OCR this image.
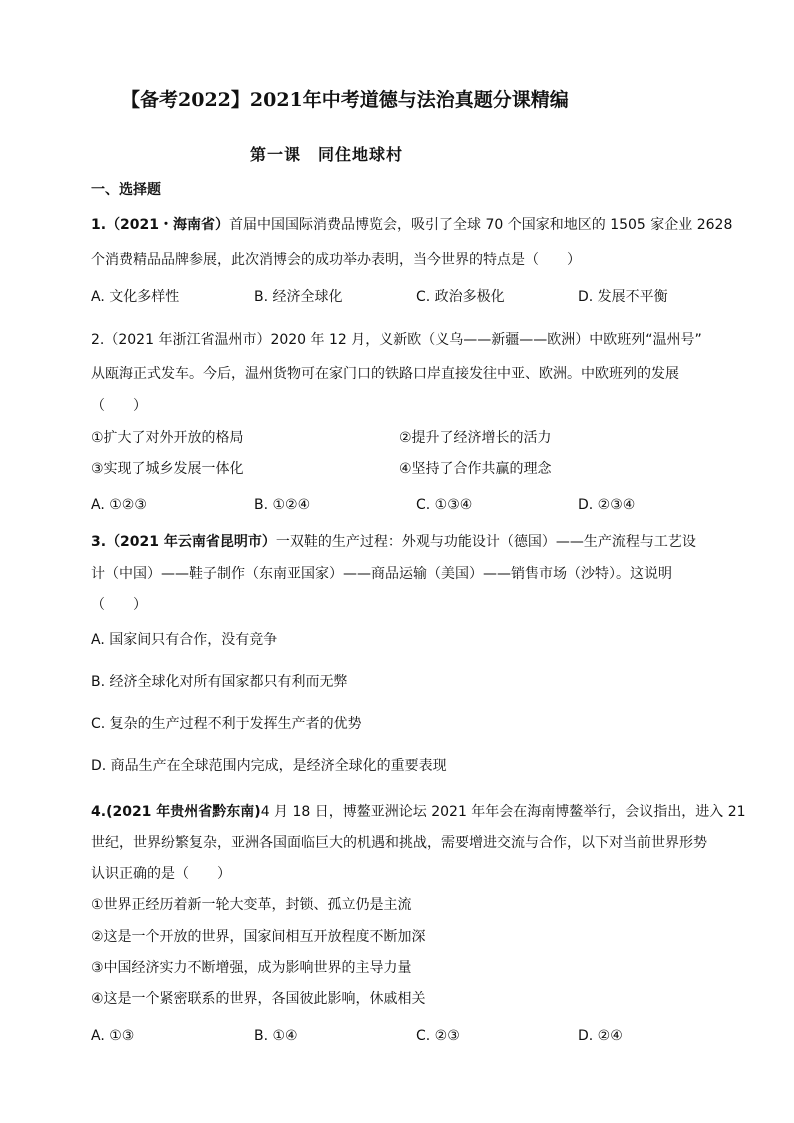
【备考2022】2021年中考道德与法治真题分课精编
第一课　同住地球村
一、选择题
1.（2021・海南省）首届中国国际消费品博览会，吸引了全球 70 个国家和地区的 1505 家企业 2628
个消费精品品牌参展，此次消博会的成功举办表明，当今世界的特点是（　　）
A. 文化多样性	B. 经济全球化	C. 政治多极化	D. 发展不平衡
2.（2021 年浙江省温州市）2020 年 12 月，义新欧（义乌——新疆——欧洲）中欧班列“温州号”
从瓯海正式发车。今后，温州货物可在家门口的铁路口岸直接发往中亚、欧洲。中欧班列的发展
（　　）
①扩大了对外开放的格局	②提升了经济增长的活力
③实现了城乡发展一体化	④坚持了合作共赢的理念
A. ①②③	B. ①②④	C. ①③④	D. ②③④
3.（2021 年云南省昆明市）一双鞋的生产过程：外观与功能设计（德国）——生产流程与工艺设
计（中国）——鞋子制作（东南亚国家）——商品运输（美国）——销售市场（沙特）。这说明
（　　）
A. 国家间只有合作，没有竞争
B. 经济全球化对所有国家都只有利而无弊
C. 复杂的生产过程不利于发挥生产者的优势
D. 商品生产在全球范围内完成，是经济全球化的重要表现
4.(2021 年贵州省黔东南)4 月 18 日，博鳌亚洲论坛 2021 年年会在海南博鳌举行，会议指出，进入 21
世纪，世界纷繁复杂，亚洲各国面临巨大的机遇和挑战，需要增进交流与合作，以下对当前世界形势
认识正确的是（　　）
①世界正经历着新一轮大变革，封锁、孤立仍是主流
②这是一个开放的世界，国家间相互开放程度不断加深
③中国经济实力不断增强，成为影响世界的主导力量
④这是一个紧密联系的世界，各国彼此影响，休戚相关
A. ①③	B. ①④	C. ②③	D. ②④
